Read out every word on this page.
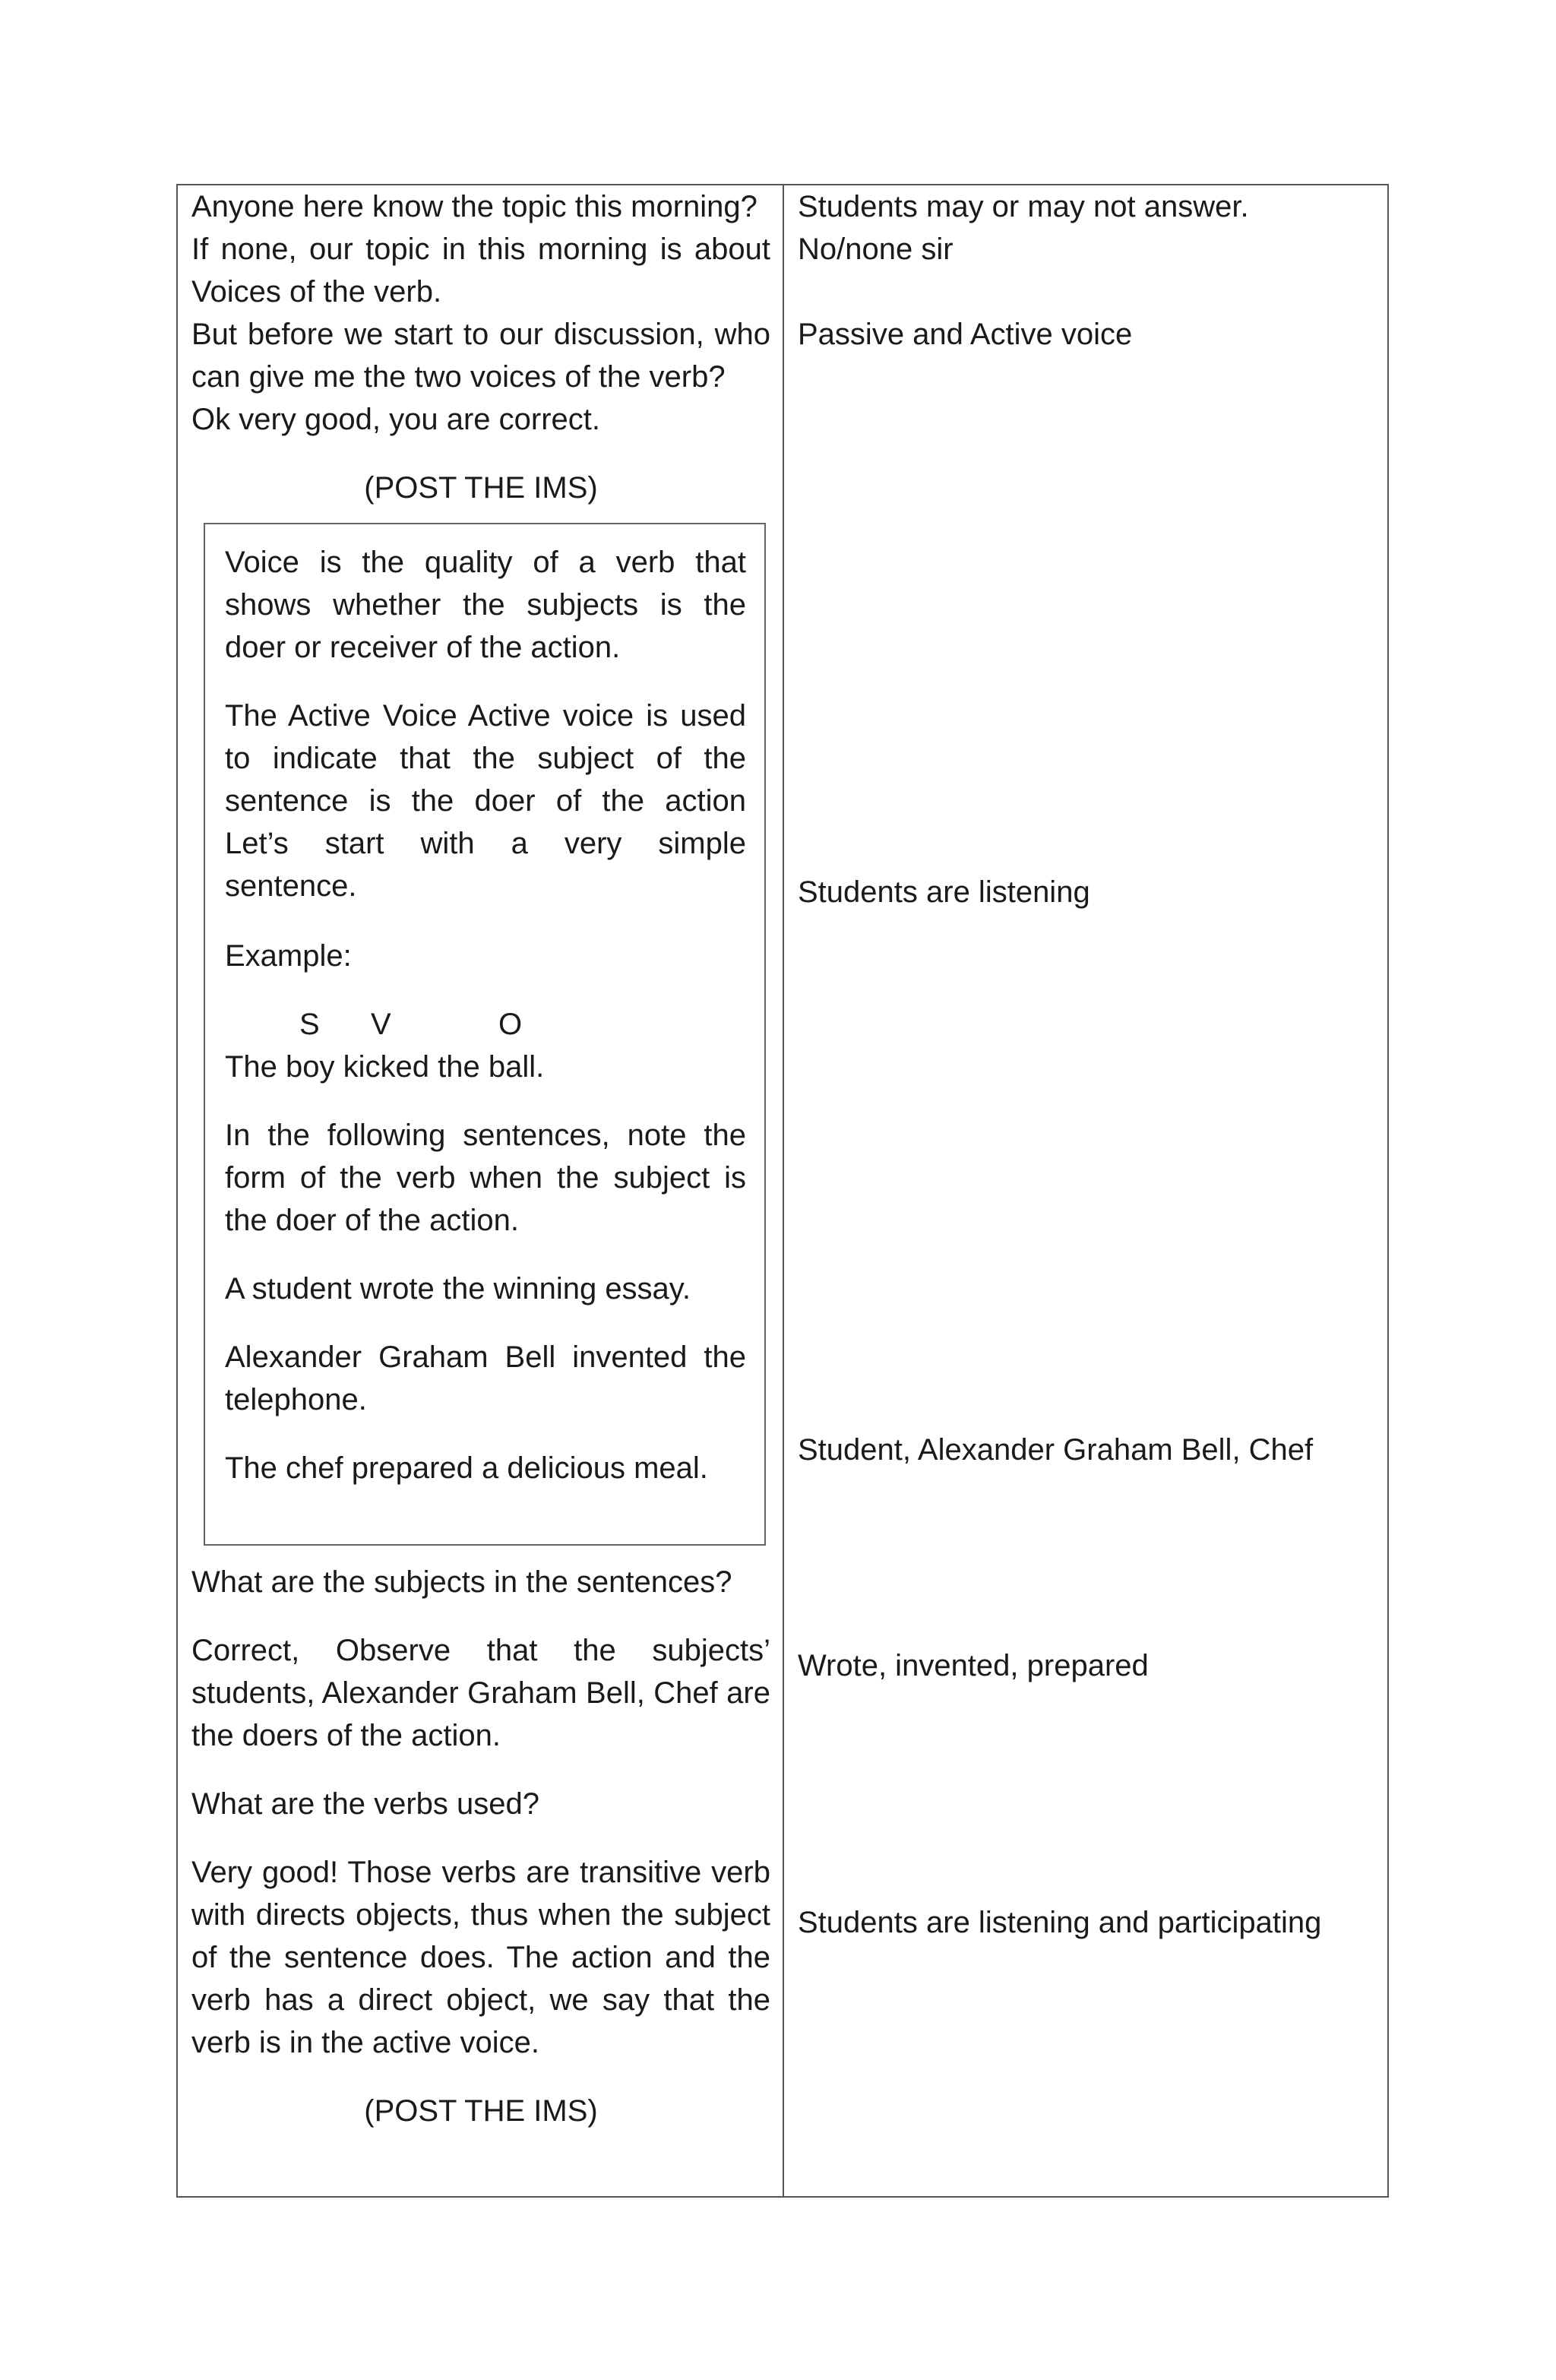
Anyone here know the topic this morning?

If none, our topic in this morning is about

Voices of the verb.

But before we start to our discussion, who

can give me the two voices of the verb?

Ok very good, you are correct.

(POST THE IMS)

Voice is the quality of a verb that

shows whether the subjects is the

doer or receiver of the action.

The Active Voice Active voice is used

to indicate that the subject of the

sentence is the doer of the action

Let’s start with a very simple

sentence.

Example:

S V	O

The boy kicked the ball.

In the following sentences, note the

form of the verb when the subject is

the doer of the action.

A student wrote the winning essay.

Alexander Graham Bell invented the

telephone.

The chef prepared a delicious meal.

What are the subjects in the sentences?

Correct, Observe that the subjects’

students, Alexander Graham Bell, Chef are

the doers of the action.

What are the verbs used?

Very good! Those verbs are transitive verb

with directs objects, thus when the subject

of the sentence does. The action and the

verb has a direct object, we say that the

verb is in the active voice.

(POST THE IMS)

Students may or may not answer.

No/none sir

Passive and Active voice

Students are listening

Student, Alexander Graham Bell, Chef

Wrote, invented, prepared

Students are listening and participating
